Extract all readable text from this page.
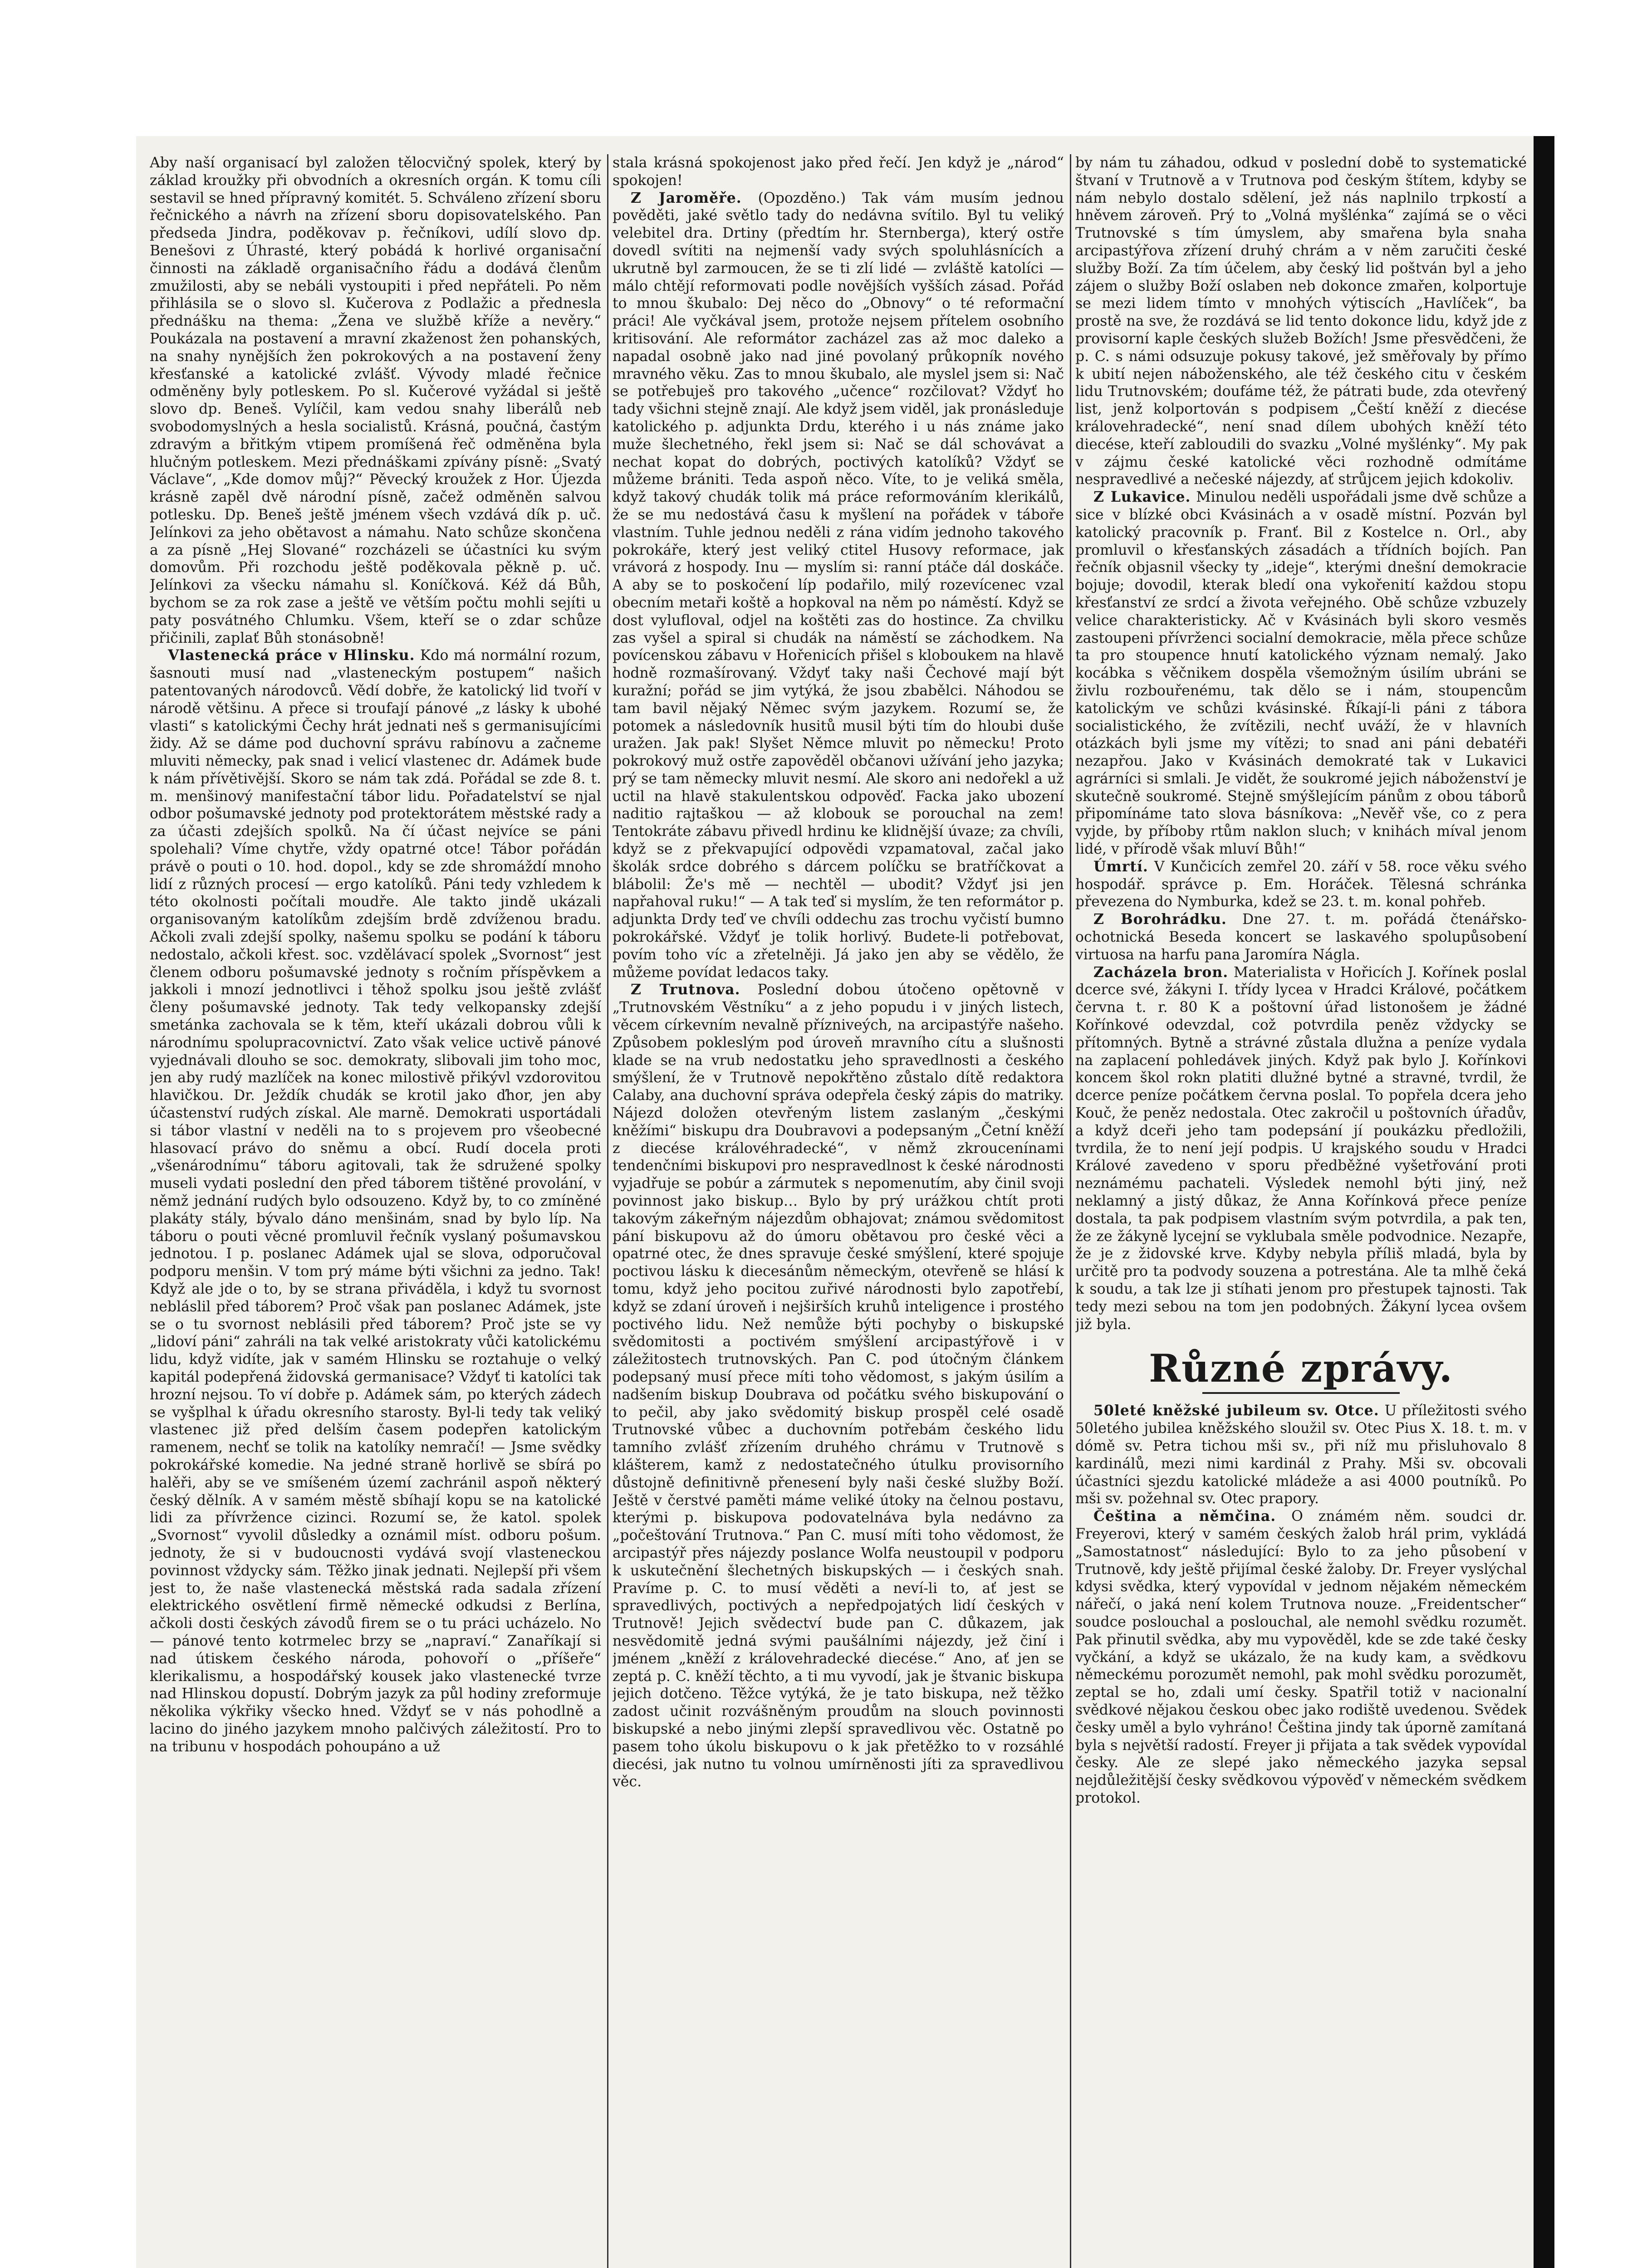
Aby naší organisací byl založen tělocvičný spolek, který by základ kroužky při obvodních a okresních orgán. K tomu cíli sestavil se hned přípravný komitét. 5. Schváleno zřízení sboru řečnického a návrh na zřízení sboru dopisovatelského. Pan předseda Jindra, poděkovav p. řečníkovi, udílí slovo dp. Benešovi z Úhrasté, který pobádá k horlivé organisační činnosti na základě organisačního řádu a dodává členům zmužilosti, aby se nebáli vystoupiti i před nepřáteli. Po něm přihlásila se o slovo sl. Kučerova z Podlažic a přednesla přednášku na thema: „Žena ve službě kříže a nevěry.“ Poukázala na postavení a mravní zkaženost žen pohanských, na snahy nynějších žen pokrokových a na postavení ženy křesťanské a katolické zvlášť. Vývody mladé řečnice odměněny byly potleskem. Po sl. Kučerové vyžádal si ještě slovo dp. Beneš. Vylíčil, kam vedou snahy liberálů neb svobodomyslných a hesla socialistů. Krásná, poučná, častým zdravým a břitkým vtipem promíšená řeč odměněna byla hlučným potleskem. Mezi přednáškami zpívány písně: „Svatý Václave“, „Kde domov můj?“ Pěvecký kroužek z Hor. Újezda krásně zapěl dvě národní písně, začež odměněn salvou potlesku. Dp. Beneš ještě jménem všech vzdává dík p. uč. Jelínkovi za jeho obětavost a námahu. Nato schůze skončena a za písně „Hej Slované“ rozcházeli se účastníci ku svým domovům. Při rozchodu ještě poděkovala pěkně p. uč. Jelínkovi za všecku námahu sl. Koníčková. Kéž dá Bůh, bychom se za rok zase a ještě ve větším počtu mohli sejíti u paty posvátného Chlumku. Všem, kteří se o zdar schůze přičinili, zaplať Bůh stonásobně!

Vlastenecká práce v Hlinsku. Kdo má normální rozum, šasnouti musí nad „vlasteneckým postupem“ našich patentovaných národovců. Vědí dobře, že katolický lid tvoří v národě většinu. A přece si troufají pánové „z lásky k ubohé vlasti“ s katolickými Čechy hrát jednati neš s germanisujícími židy. Až se dáme pod duchovní správu rabínovu a začneme mluviti německy, pak snad i velicí vlastenec dr. Adámek bude k nám přívětivější. Skoro se nám tak zdá. Pořádal se zde 8. t. m. menšinový manifestační tábor lidu. Pořadatelství se njal odbor pošumavské jednoty pod protektorátem městské rady a za účasti zdejších spolků. Na čí účast nejvíce se páni spolehali? Víme chytře, vždy opatrné otce! Tábor pořádán právě o pouti o 10. hod. dopol., kdy se zde shromáždí mnoho lidí z různých procesí — ergo katolíků. Páni tedy vzhledem k této okolnosti počítali moudře. Ale takto jindě ukázali organisovaným katolíkům zdejším brdě zdvíženou bradu. Ačkoli zvali zdejší spolky, našemu spolku se podání k táboru nedostalo, ačkoli křest. soc. vzdělávací spolek „Svornost“ jest členem odboru pošumavské jednoty s ročním příspěvkem a jakkoli i mnozí jednotlivci i těhož spolku jsou ještě zvlášť členy pošumavské jednoty. Tak tedy velkopansky zdejší smetánka zachovala se k těm, kteří ukázali dobrou vůli k národnímu spolupracovnictví. Zato však velice uctivě pánové vyjednávali dlouho se soc. demokraty, slibovali jim toho moc, jen aby rudý mazlíček na konec milostivě přikývl vzdorovitou hlavičkou. Dr. Ježdík chudák se krotil jako ďhor, jen aby účastenství rudých získal. Ale marně. Demokrati usportádali si tábor vlastní v neděli na to s projevem pro všeobecné hlasovací právo do sněmu a obcí. Rudí docela proti „všenárodnímu“ táboru agitovali, tak že sdružené spolky museli vydati poslední den před táborem tištěné provolání, v němž jednání rudých bylo odsouzeno. Když by, to co zmíněné plakáty stály, bývalo dáno menšinám, snad by bylo líp. Na táboru o pouti věcné promluvil řečník vyslaný pošumavskou jednotou. I p. poslanec Adámek ujal se slova, odporučoval podporu menšin. V tom prý máme býti všichni za jedno. Tak! Když ale jde o to, by se strana přiváděla, i když tu svornost nebláslil před táborem? Proč však pan poslanec Adámek, jste se o tu svornost neblásili před táborem? Proč jste se vy „lidoví páni“ zahráli na tak velké aristokraty vůči katolickému lidu, když vidíte, jak v samém Hlinsku se roztahuje o velký kapitál podepřená židovská germanisace? Vždyť ti katolíci tak hrozní nejsou. To ví dobře p. Adámek sám, po kterých zádech se vyšplhal k úřadu okresního starosty. Byl-li tedy tak veliký vlastenec již před delším časem podepřen katolickým ramenem, nechť se tolik na katolíky nemračí! — Jsme svědky pokrokářské komedie. Na jedné straně horlivě se sbírá po halěři, aby se ve smíšeném území zachránil aspoň některý český dělník. A v samém městě sbíhají kopu se na katolické lidi za přívržence cizinci. Rozumí se, že katol. spolek „Svornost“ vyvolil důsledky a oznámil míst. odboru pošum. jednoty, že si v budoucnosti vydává svojí vlasteneckou povinnost vždycky sám. Těžko jinak jednati. Nejlepší při všem jest to, že naše vlastenecká městská rada sadala zřízení elektrického osvětlení firmě německé odkudsi z Berlína, ačkoli dosti českých závodů firem se o tu práci ucházelo. No — pánové tento kotrmelec brzy se „napraví.“ Zanaříkají si nad útiskem českého národa, pohovoří o „příšeře“ klerikalismu, a hospodářský kousek jako vlastenecké tvrze nad Hlinskou dopustí. Dobrým jazyk za půl hodiny zreformuje několika výkřiky všecko hned. Vždyť se v nás pohodlně a lacino do jiného jazykem mnoho palčivých záležitostí. Pro to na tribunu v hospodách pohoupáno a už

stala krásná spokojenost jako před řečí. Jen když je „národ“ spokojen!

Z Jaroměře. (Opozděno.) Tak vám musím jednou pověděti, jaké světlo tady do nedávna svítilo. Byl tu veliký velebitel dra. Drtiny (předtím hr. Sternberga), který ostře dovedl svítiti na nejmenší vady svých spoluhlásnících a ukrutně byl zarmoucen, že se ti zlí lidé — zvláště katolíci — málo chtějí reformovati podle novějších vyšších zásad. Pořád to mnou škubalo: Dej něco do „Obnovy“ o té reformační práci! Ale vyčkával jsem, protože nejsem přítelem osobního kritisování. Ale reformátor zacházel zas až moc daleko a napadal osobně jako nad jiné povolaný průkopník nového mravného věku. Zas to mnou škubalo, ale myslel jsem si: Nač se potřebuješ pro takového „učence“ rozčilovat? Vždyť ho tady všichni stejně znají. Ale když jsem viděl, jak pronásleduje katolického p. adjunkta Drdu, kterého i u nás známe jako muže šlechetného, řekl jsem si: Nač se dál schovávat a nechat kopat do dobrých, poctivých katolíků? Vždyť se můžeme brániti. Teda aspoň něco. Víte, to je veliká směla, když takový chudák tolik má práce reformováním klerikálů, že se mu nedostává času k myšlení na pořádek v táboře vlastním. Tuhle jednou neděli z rána vidím jednoho takového pokrokáře, který jest veliký ctitel Husovy reformace, jak vrávorá z hospody. Inu — myslím si: ranní ptáče dál doskáče. A aby se to poskočení líp podařilo, milý rozevícenec vzal obecním metaři koště a hopkoval na něm po náměstí. Když se dost vylufloval, odjel na koštěti zas do hostince. Za chvilku zas vyšel a spiral si chudák na náměstí se záchodkem. Na povícenskou zábavu v Hořenicích přišel s kloboukem na hlavě hodně rozmašírovaný. Vždyť taky naši Čechové mají být kuražní; pořád se jim vytýká, že jsou zbabělci. Náhodou se tam bavil nějaký Němec svým jazykem. Rozumí se, že potomek a následovník husitů musil býti tím do hloubi duše uražen. Jak pak! Slyšet Němce mluvit po německu! Proto pokrokový muž ostře zapověděl občanovi užívání jeho jazyka; prý se tam německy mluvit nesmí. Ale skoro ani nedořekl a už uctil na hlavě stakulentskou odpověď. Facka jako ubození naditio rajtaškou — až klobouk se porouchal na zem! Tentokráte zábavu přivedl hrdinu ke klidnější úvaze; za chvíli, když se z překvapující odpovědi vzpamatoval, začal jako školák srdce dobrého s dárcem políčku se bratříčkovat a blábolil: Že's mě — nechtěl — ubodit? Vždyť jsi jen napřahoval ruku!“ — A tak teď si myslím, že ten reformátor p. adjunkta Drdy teď ve chvíli oddechu zas trochu vyčistí bumno pokrokářské. Vždyť je tolik horlivý. Budete-li potřebovat, povím toho víc a zřetelněji. Já jako jen aby se vědělo, že můžeme povídat ledacos taky.

Z Trutnova. Poslední dobou útočeno opětovně v „Trutnovském Věstníku“ a z jeho popudu i v jiných listech, věcem církevním nevalně přízniveých, na arcipastýře našeho. Způsobem pokleslým pod úroveň mravního cítu a slušnosti klade se na vrub nedostatku jeho spravedlnosti a českého smýšlení, že v Trutnově nepokřtěno zůstalo dítě redaktora Calaby, ana duchovní správa odepřela český zápis do matriky. Nájezd doložen otevřeným listem zaslaným „českými kněžími“ biskupu dra Doubravovi a podepsaným „Četní kněží z diecése královéhradecké“, v němž zkroucenínami tendenčními biskupovi pro nespravedlnost k české národnosti vyjadřuje se pobúr a zármutek s nepomenutím, aby činil svoji povinnost jako biskup… Bylo by prý urážkou chtít proti takovým zákeřným nájezdům obhajovat; známou svědomitost pání biskupovu až do úmoru obětavou pro české věci a opatrné otec, že dnes spravuje české smýšlení, které spojuje poctivou lásku k diecesánům německým, otevřeně se hlásí k tomu, když jeho pocitou zuřivé národnosti bylo zapotřebí, když se zdaní úroveň i nejširších kruhů inteligence i prostého poctivého lidu. Než nemůže býti pochyby o biskupské svědomitosti a poctivém smýšlení arcipastýřově i v záležitostech trutnovských. Pan C. pod útočným článkem podepsaný musí přece míti toho vědomost, s jakým úsilím a nadšením biskup Doubrava od počátku svého biskupování o to pečil, aby jako svědomitý biskup prospěl celé osadě Trutnovské vůbec a duchovním potřebám českého lidu tamního zvlášť zřízením druhého chrámu v Trutnově s klášterem, kamž z nedostatečného útulku provisorního důstojně definitivně přenesení byly naši české služby Boží. Ještě v čerstvé paměti máme veliké útoky na čelnou postavu, kterými p. biskupova podovatelnáva byla nedávno za „počeštování Trutnova.“ Pan C. musí míti toho vědomost, že arcipastýř přes nájezdy poslance Wolfa neustoupil v podporu k uskutečnění šlechetných biskupských — i českých snah. Pravíme p. C. to musí věděti a neví-li to, ať jest se spravedlivých, poctivých a nepředpojatých lidí českých v Trutnově! Jejich svědectví bude pan C. důkazem, jak nesvědomitě jedná svými paušálními nájezdy, jež činí i jménem „kněží z královehradecké diecése.“ Ano, ať jen se zeptá p. C. kněží těchto, a ti mu vyvodí, jak je štvanic biskupa jejich dotčeno. Těžce vytýká, že je tato biskupa, než těžko zadost učinit rozvášněným proudům na slouch povinnosti biskupské a nebo jinými zlepší spravedlivou věc. Ostatně po pasem toho úkolu biskupovu o k jak přetěžko to v rozsáhlé diecési, jak nutno tu volnou umírněnosti jíti za spravedlivou věc.

by nám tu záhadou, odkud v poslední době to systematické štvaní v Trutnově a v Trutnova pod českým štítem, kdyby se nám nebylo dostalo sdělení, jež nás naplnilo trpkostí a hněvem zároveň. Prý to „Volná myšlénka“ zajímá se o věci Trutnovské s tím úmyslem, aby smařena byla snaha arcipastýřova zřízení druhý chrám a v něm zaručiti české služby Boží. Za tím účelem, aby český lid poštván byl a jeho zájem o služby Boží oslaben neb dokonce zmařen, kolportuje se mezi lidem tímto v mnohých výtiscích „Havlíček“, ba prostě na sve, že rozdává se lid tento dokonce lidu, když jde z provisorní kaple českých služeb Božích! Jsme přesvědčeni, že p. C. s námi odsuzuje pokusy takové, jež směřovaly by přímo k ubití nejen náboženského, ale též českého citu v českém lidu Trutnovském; doufáme též, že pátrati bude, zda otevřený list, jenž kolportován s podpisem „Čeští kněží z diecése královehradecké“, není snad dílem ubohých kněží této diecése, kteří zabloudili do svazku „Volné myšlénky“. My pak v zájmu české katolické věci rozhodně odmítáme nespravedlivé a nečeské nájezdy, ať strůjcem jejich kdokoliv.

Z Lukavice. Minulou neděli uspořádali jsme dvě schůze a sice v blízké obci Kvásinách a v osadě místní. Pozván byl katolický pracovník p. Franť. Bil z Kostelce n. Orl., aby promluvil o křesťanských zásadách a třídních bojích. Pan řečník objasnil všecky ty „ideje“, kterými dnešní demokracie bojuje; dovodil, kterak bledí ona vykořenití každou stopu křesťanství ze srdcí a života veřejného. Obě schůze vzbuzely velice charakteristicky. Ač v Kvásinách byli skoro vesměs zastoupeni přívrženci socialní demokracie, měla přece schůze ta pro stoupence hnutí katolického význam nemalý. Jako kocábka s věčnikem dospěla všemožným úsilím ubráni se živlu rozbouřenému, tak dělo se i nám, stoupencům katolickým ve schůzi kvásinské. Říkají-li páni z tábora socialistického, že zvítězili, nechť uváží, že v hlavních otázkách byli jsme my vítězi; to snad ani páni debatéři nezapřou. Jako v Kvásinách demokraté tak v Lukavici agrárníci si smlali. Je vidět, že soukromé jejich náboženství je skutečně soukromé. Stejně smýšlejícím pánům z obou táborů připomínáme tato slova básníkova: „Nevěř vše, co z pera vyjde, by příboby rtům naklon sluch; v knihách míval jenom lidé, v přírodě však mluví Bůh!“

Úmrtí. V Kunčicích zemřel 20. září v 58. roce věku svého hospodář. správce p. Em. Horáček. Tělesná schránka převezena do Nymburka, kdež se 23. t. m. konal pohřeb.

Z Borohrádku. Dne 27. t. m. pořádá čtenářsko-ochotnická Beseda koncert se laskavého spolupůsobení virtuosa na harfu pana Jaromíra Nágla.

Zacházela bron. Materialista v Hořicích J. Kořínek poslal dcerce své, žákyni I. třídy lycea v Hradci Králové, počátkem června t. r. 80 K a poštovní úřad listonošem je žádné Kořínkové odevzdal, což potvrdila peněz vždycky se přítomných. Bytně a strávné zůstala dlužna a peníze vydala na zaplacení pohledávek jiných. Když pak bylo J. Kořínkovi koncem škol rokn platiti dlužné bytné a stravné, tvrdil, že dcerce peníze počátkem června poslal. To popřela dcera jeho Kouč, že peněz nedostala. Otec zakročil u poštovních úřadův, a když dceři jeho tam podepsání jí poukázku předložili, tvrdila, že to není její podpis. U krajského soudu v Hradci Králové zavedeno v sporu předběžné vyšetřování proti neznámému pachateli. Výsledek nemohl býti jiný, než neklamný a jistý důkaz, že Anna Kořínková přece peníze dostala, ta pak podpisem vlastním svým potvrdila, a pak ten, že ze žákyně lycejní se vyklubala směle podvodnice. Nezapře, že je z židovské krve. Kdyby nebyla příliš mladá, byla by určitě pro ta podvody souzena a potrestána. Ale ta mlhě čeká k soudu, a tak lze ji stíhati jenom pro přestupek tajnosti. Tak tedy mezi sebou na tom jen podobných. Žákyní lycea ovšem již byla.

Různé zprávy.

50leté kněžské jubileum sv. Otce. U příležitosti svého 50letého jubilea kněžského sloužil sv. Otec Pius X. 18. t. m. v dómě sv. Petra tichou mši sv., při níž mu přisluhovalo 8 kardinálů, mezi nimi kardinál z Prahy. Mši sv. obcovali účastníci sjezdu katolické mládeže a asi 4000 poutníků. Po mši sv. požehnal sv. Otec prapory.

Čeština a němčina. O známém něm. soudci dr. Freyerovi, který v samém českých žalob hrál prim, vykládá „Samostatnost“ následující: Bylo to za jeho působení v Trutnově, kdy ještě přijímal české žaloby. Dr. Freyer vyslýchal kdysi svědka, který vypovídal v jednom nějakém německém nářečí, o jaká není kolem Trutnova nouze. „Freidentscher“ soudce poslouchal a poslouchal, ale nemohl svědku rozumět. Pak přinutil svědka, aby mu vypověděl, kde se zde také česky vyčkání, a když se ukázalo, že na kudy kam, a svědkovu německému porozumět nemohl, pak mohl svědku porozumět, zeptal se ho, zdali umí česky. Spatřil totiž v nacionalní svědkové nějakou českou obec jako rodiště uvedenou. Svědek česky uměl a bylo vyhráno! Čeština jindy tak úporně zamítaná byla s největší radostí. Freyer ji přijata a tak svědek vypovídal česky. Ale ze slepé jako německého jazyka sepsal nejdůležitější česky svědkovou výpověď v německém svědkem protokol.
